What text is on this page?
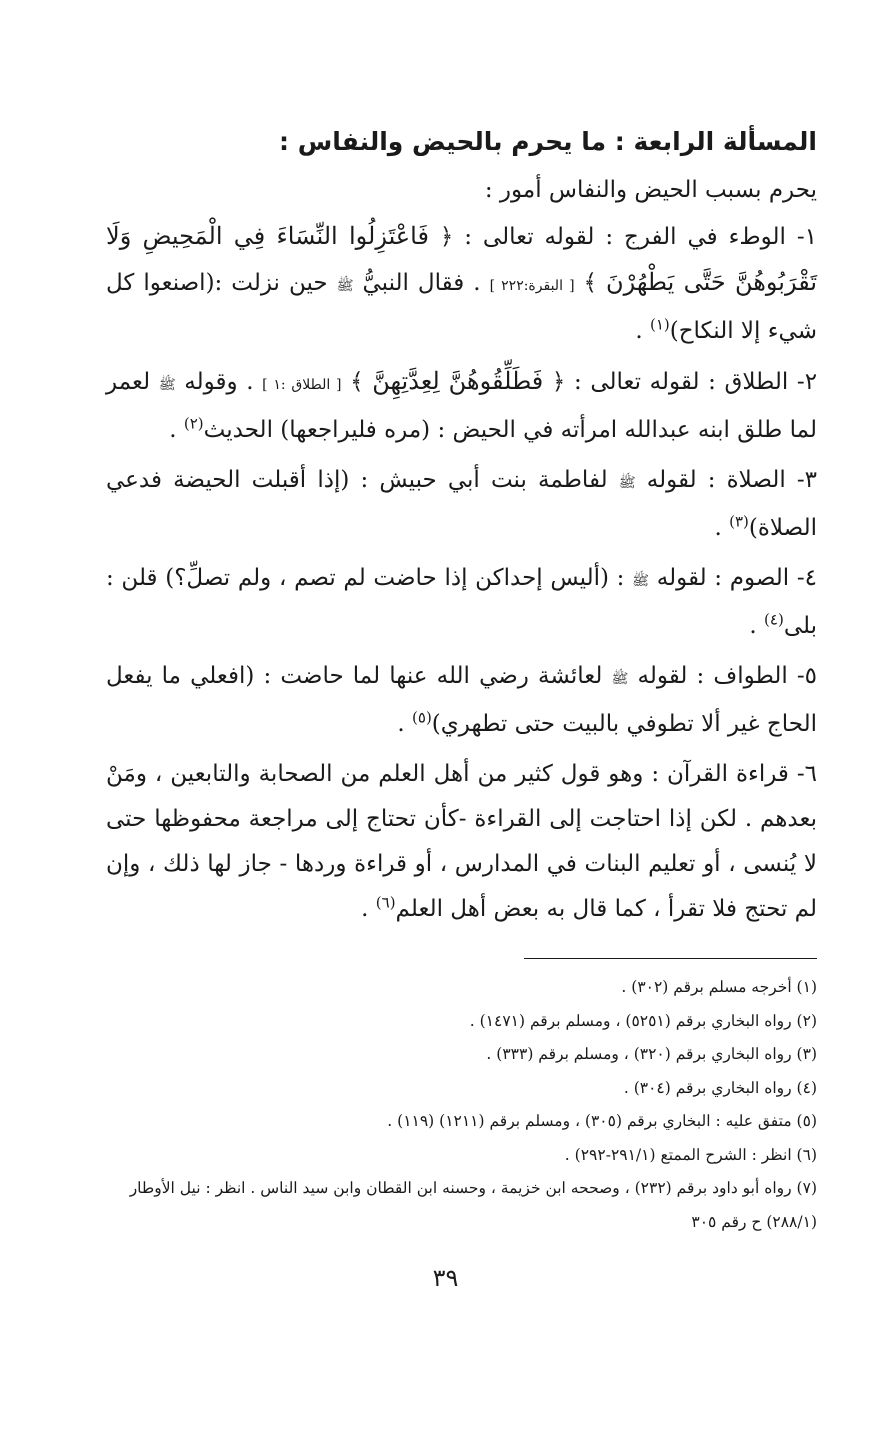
المسألة الرابعة : ما يحرم بالحيض والنفاس :

يحرم بسبب الحيض والنفاس أمور :

١- الوطء في الفرج : لقوله تعالى : ﴿ فَاعْتَزِلُوا النِّسَاءَ فِي الْمَحِيضِ وَلَا تَقْرَبُوهُنَّ حَتَّى يَطْهُرْنَ ﴾ [ البقرة:٢٢٢ ] . فقال النبيُّ ﷺ حين نزلت :(اصنعوا كل شيء إلا النكاح)$^{(١)}$ .

٢- الطلاق : لقوله تعالى : ﴿ فَطَلِّقُوهُنَّ لِعِدَّتِهِنَّ ﴾ [ الطلاق :١ ] . وقوله ﷺ لعمر لما طلق ابنه عبدالله امرأته في الحيض : (مره فليراجعها) الحديث$^{(٢)}$ .

٣- الصلاة : لقوله ﷺ لفاطمة بنت أبي حبيش : (إذا أقبلت الحيضة فدعي الصلاة)$^{(٣)}$ .

٤- الصوم : لقوله ﷺ : (أليس إحداكن إذا حاضت لم تصم ، ولم تصلِّ؟) قلن : بلى$^{(٤)}$ .

٥- الطواف : لقوله ﷺ لعائشة رضي الله عنها لما حاضت : (افعلي ما يفعل الحاج غير ألا تطوفي بالبيت حتى تطهري)$^{(٥)}$ .

٦- قراءة القرآن : وهو قول كثير من أهل العلم من الصحابة والتابعين ، ومَنْ بعدهم . لكن إذا احتاجت إلى القراءة -كأن تحتاج إلى مراجعة محفوظها حتى لا يُنسى ، أو تعليم البنات في المدارس ، أو قراءة وردها - جاز لها ذلك ، وإن لم تحتج فلا تقرأ ، كما قال به بعض أهل العلم$^{(٦)}$ .

(١) أخرجه مسلم برقم (٣٠٢) .

(٢) رواه البخاري برقم (٥٢٥١) ، ومسلم برقم (١٤٧١) .

(٣) رواه البخاري برقم (٣٢٠) ، ومسلم برقم (٣٣٣) .

(٤) رواه البخاري برقم (٣٠٤) .

(٥) متفق عليه : البخاري برقم (٣٠٥) ، ومسلم برقم (١٢١١) (١١٩) .

(٦) انظر : الشرح الممتع (٢٩١/١-٢٩٢) .

(٧) رواه أبو داود برقم (٢٣٢) ، وصححه ابن خزيمة ، وحسنه ابن القطان وابن سيد الناس . انظر : نيل الأوطار (٢٨٨/١) ح رقم ٣٠٥

٣٩
